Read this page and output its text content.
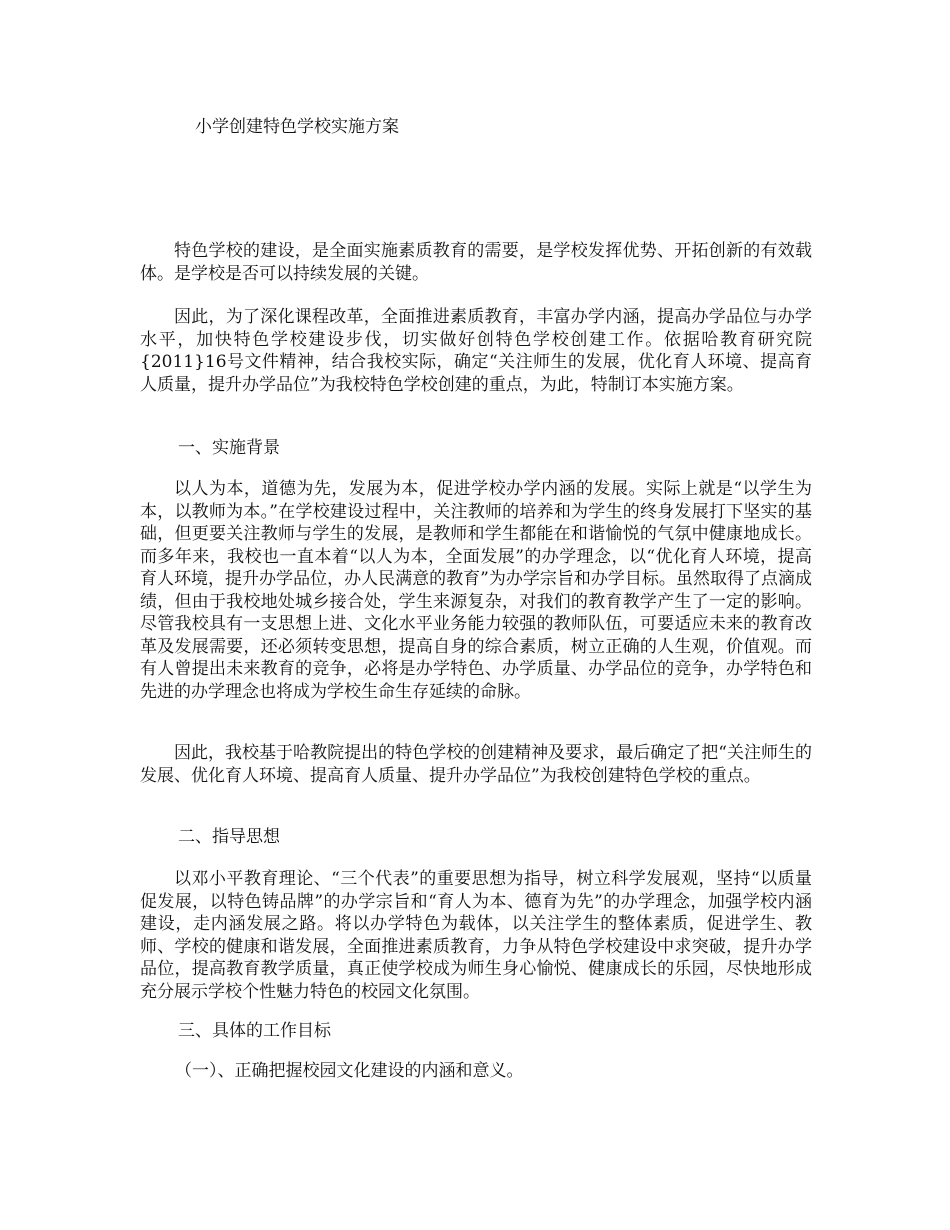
小学创建特色学校实施方案

特色学校的建设，是全面实施素质教育的需要，是学校发挥优势、开拓创新的有效载体。是学校是否可以持续发展的关键。

因此，为了深化课程改革，全面推进素质教育，丰富办学内涵，提高办学品位与办学水平，加快特色学校建设步伐，切实做好创特色学校创建工作。依据哈教育研究院{2011}16号文件精神，结合我校实际，确定“关注师生的发展，优化育人环境、提高育人质量，提升办学品位”为我校特色学校创建的重点，为此，特制订本实施方案。

一、实施背景

以人为本，道德为先，发展为本，促进学校办学内涵的发展。实际上就是“以学生为本，以教师为本。”在学校建设过程中，关注教师的培养和为学生的终身发展打下坚实的基础，但更要关注教师与学生的发展，是教师和学生都能在和谐愉悦的气氛中健康地成长。而多年来，我校也一直本着“以人为本，全面发展”的办学理念，以“优化育人环境，提高育人环境，提升办学品位，办人民满意的教育”为办学宗旨和办学目标。虽然取得了点滴成绩，但由于我校地处城乡接合处，学生来源复杂，对我们的教育教学产生了一定的影响。尽管我校具有一支思想上进、文化水平业务能力较强的教师队伍，可要适应未来的教育改革及发展需要，还必须转变思想，提高自身的综合素质，树立正确的人生观，价值观。而有人曾提出未来教育的竞争，必将是办学特色、办学质量、办学品位的竞争，办学特色和先进的办学理念也将成为学校生命生存延续的命脉。

因此，我校基于哈教院提出的特色学校的创建精神及要求，最后确定了把“关注师生的发展、优化育人环境、提高育人质量、提升办学品位”为我校创建特色学校的重点。

二、指导思想

以邓小平教育理论、“三个代表”的重要思想为指导，树立科学发展观，坚持“以质量促发展，以特色铸品牌”的办学宗旨和“育人为本、德育为先”的办学理念，加强学校内涵建设，走内涵发展之路。将以办学特色为载体，以关注学生的整体素质，促进学生、教师、学校的健康和谐发展，全面推进素质教育，力争从特色学校建设中求突破，提升办学品位，提高教育教学质量，真正使学校成为师生身心愉悦、健康成长的乐园，尽快地形成充分展示学校个性魅力特色的校园文化氛围。

三、具体的工作目标

（一）、正确把握校园文化建设的内涵和意义。
